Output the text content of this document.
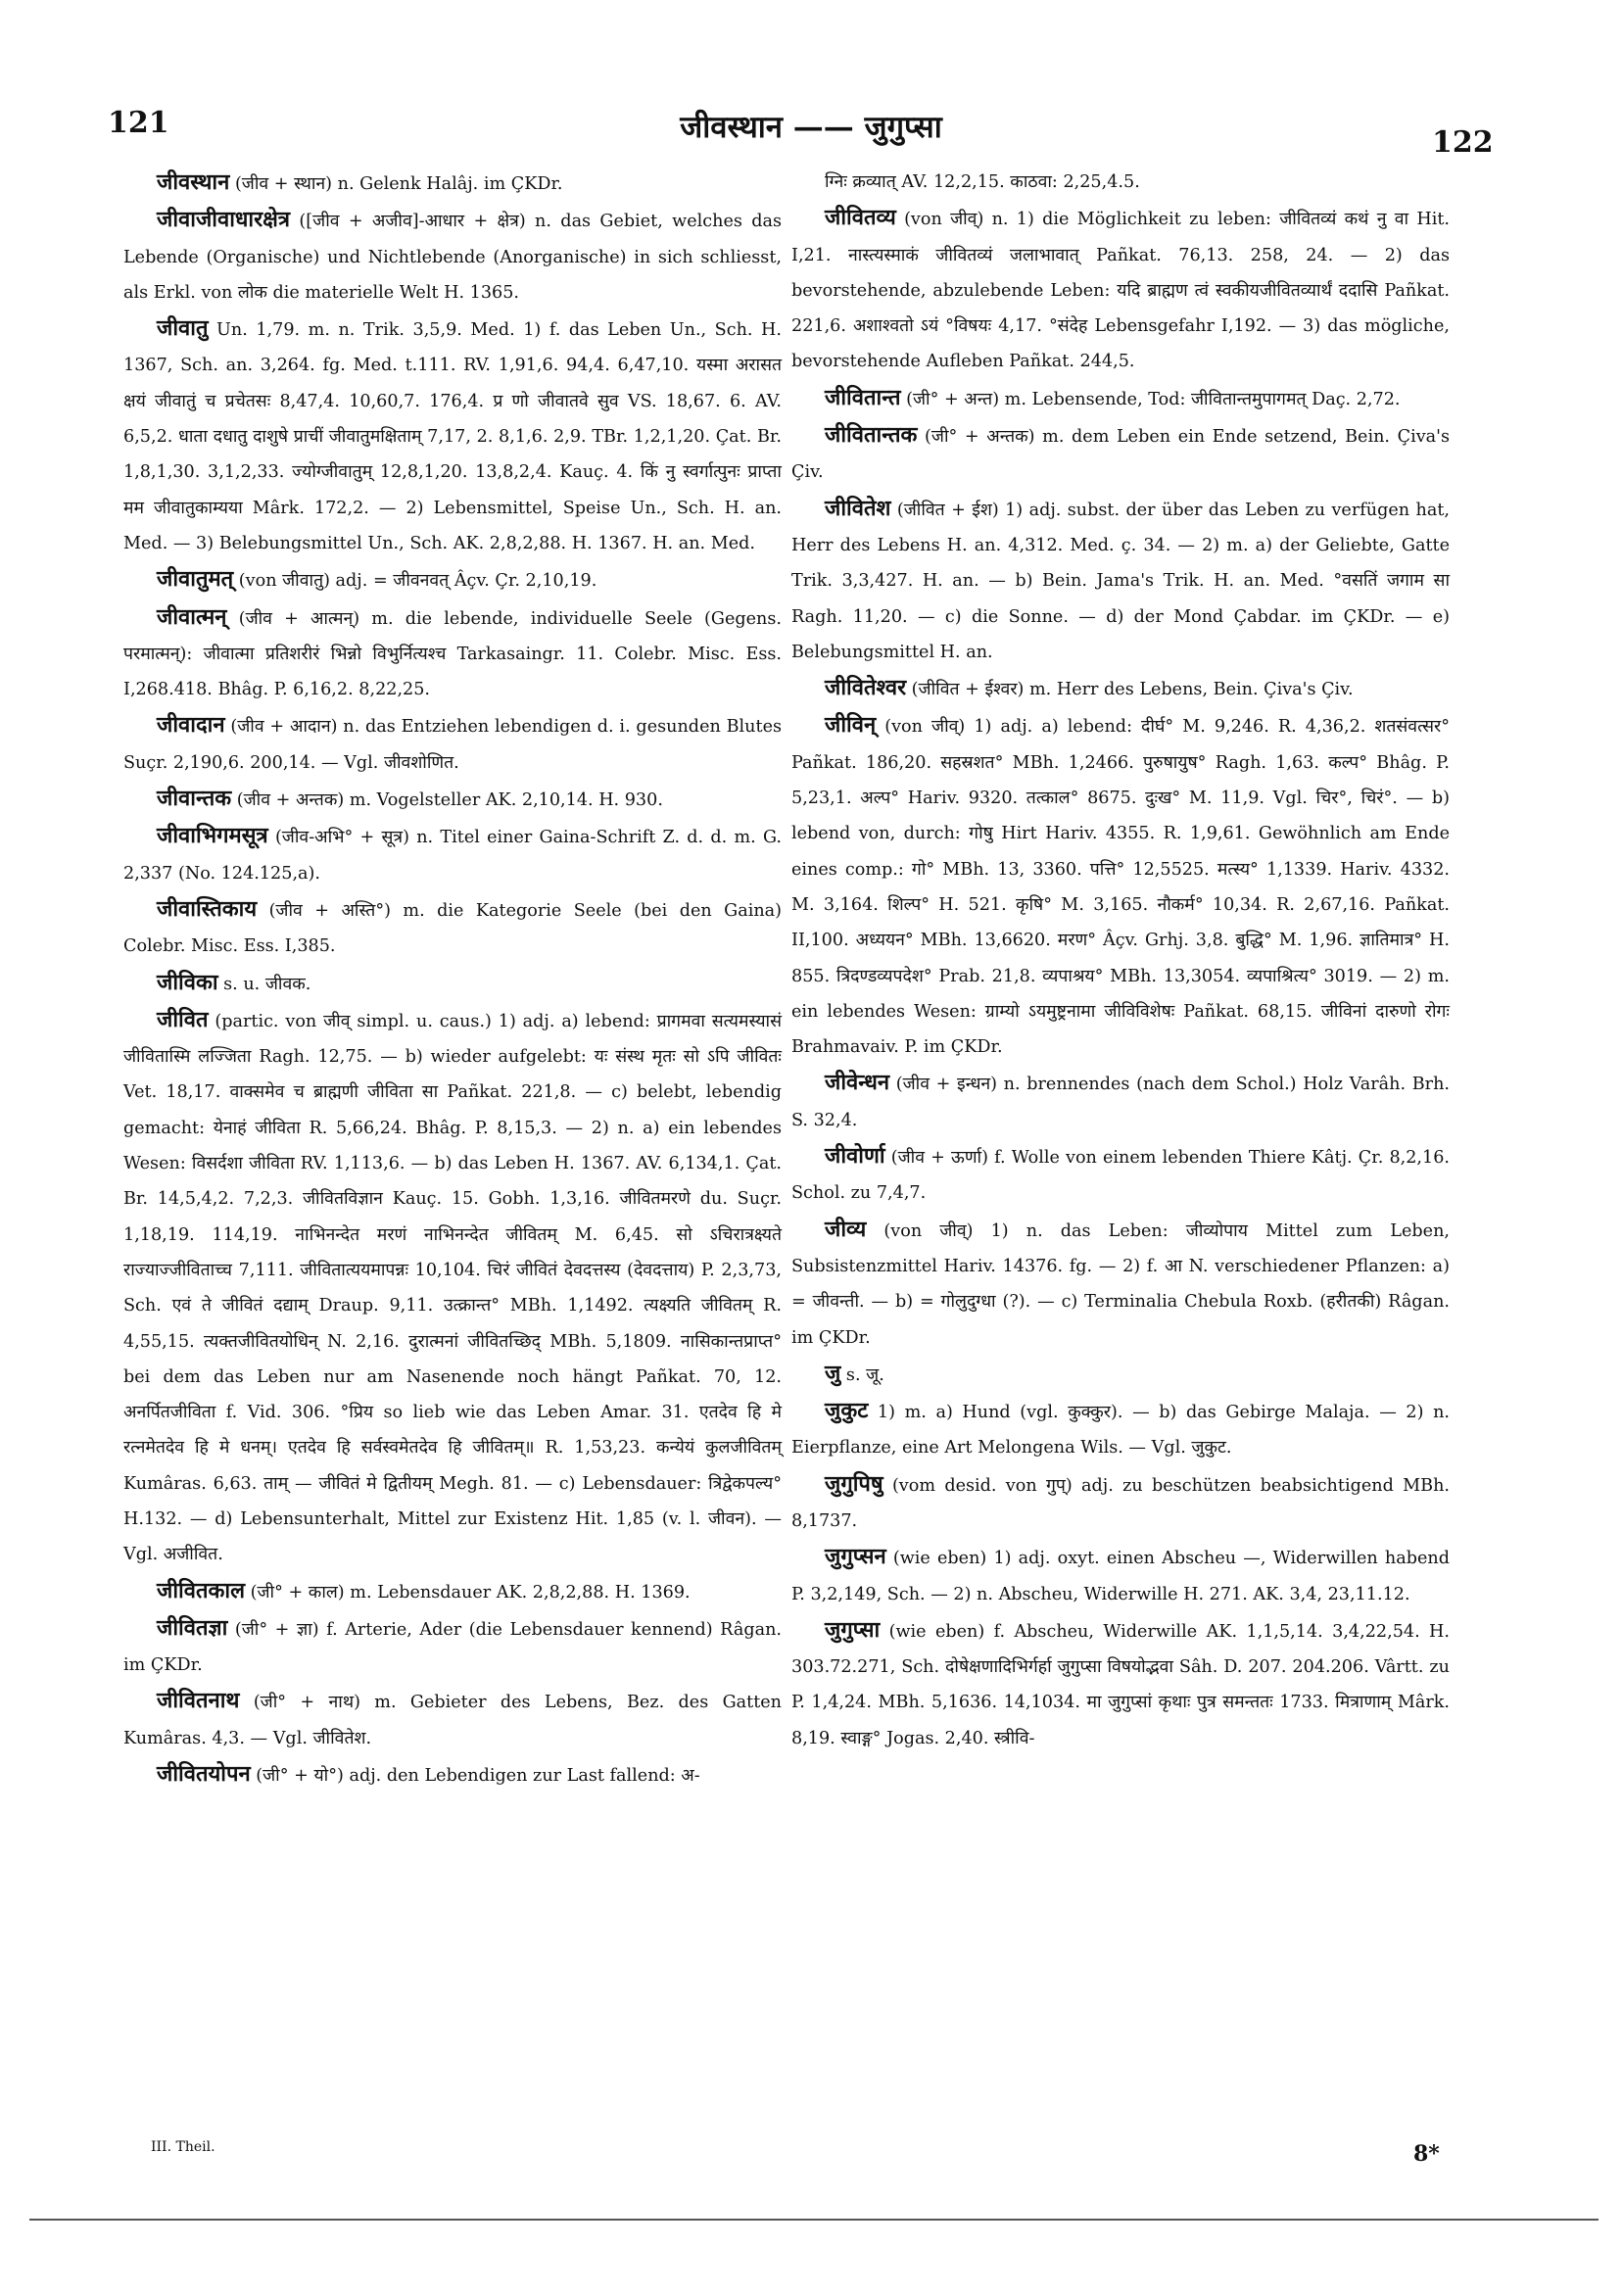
121	जीवस्थान —— जुगुप्सा	122

जीवस्थान (जीव + स्थान) n. Gelenk Halâj. im ÇKDr.

जीवाजीवाधारक्षेत्र ([जीव + अजीव]-आधार + क्षेत्र) n. das Gebiet, welches das Lebende (Organische) und Nichtlebende (Anorganische) in sich schliesst, als Erkl. von लोक die materielle Welt H. 1365.

जीवातु Un. 1,79. m. n. Trik. 3,5,9. Med. 1) f. das Leben Un., Sch. H. 1367, Sch. an. 3,264. fg. Med. t.111. RV. 1,91,6. 94,4. 6,47,10. यस्मा अरासत क्षयं जीवातुं च प्रचेतसः 8,47,4. 10,60,7. 176,4. प्र णो जीवातवे सुव VS. 18,67. 6. AV. 6,5,2. धाता दधातु दाशुषे प्राचीं जीवातुमक्षिताम् 7,17, 2. 8,1,6. 2,9. TBr. 1,2,1,20. Çat. Br. 1,8,1,30. 3,1,2,33. ज्योग्जीवातुम् 12,8,1,20. 13,8,2,4. Kauç. 4. किं नु स्वर्गात्पुनः प्राप्ता मम जीवातुकाम्यया Mârk. 172,2. — 2) Lebensmittel, Speise Un., Sch. H. an. Med. — 3) Belebungsmittel Un., Sch. AK. 2,8,2,88. H. 1367. H. an. Med.

जीवातुमत् (von जीवातु) adj. = जीवनवत् Âçv. Çr. 2,10,19.

जीवात्मन् (जीव + आत्मन्) m. die lebende, individuelle Seele (Gegens. परमात्मन्): जीवात्मा प्रतिशरीरं भिन्नो विभुर्नित्यश्च Tarkasaingr. 11. Colebr. Misc. Ess. I,268.418. Bhâg. P. 6,16,2. 8,22,25.

जीवादान (जीव + आदान) n. das Entziehen lebendigen d. i. gesunden Blutes Suçr. 2,190,6. 200,14. — Vgl. जीवशोणित.

जीवान्तक (जीव + अन्तक) m. Vogelsteller AK. 2,10,14. H. 930.

जीवाभिगमसूत्र (जीव-अभि° + सूत्र) n. Titel einer Gaina-Schrift Z. d. d. m. G. 2,337 (No. 124.125,a).

जीवास्तिकाय (जीव + अस्ति°) m. die Kategorie Seele (bei den Gaina) Colebr. Misc. Ess. I,385.

जीविका s. u. जीवक.

जीवित (partic. von जीव् simpl. u. caus.) 1) adj. a) lebend: प्रागमवा सत्यमस्यासं जीवितास्मि लज्जिता Ragh. 12,75. — b) wieder aufgelebt: यः संस्थ मृतः सो ऽपि जीवितः Vet. 18,17. वाक्समेव च ब्राह्मणी जीविता सा Pañkat. 221,8. — c) belebt, lebendig gemacht: येनाहं जीविता R. 5,66,24. Bhâg. P. 8,15,3. — 2) n. a) ein lebendes Wesen: विसर्दशा जीविता RV. 1,113,6. — b) das Leben H. 1367. AV. 6,134,1. Çat. Br. 14,5,4,2. 7,2,3. जीवितविज्ञान Kauç. 15. Gobh. 1,3,16. जीवितमरणे du. Suçr. 1,18,19. 114,19. नाभिनन्देत मरणं नाभिनन्देत जीवितम् M. 6,45. सो ऽचिरात्रक्ष्यते राज्याज्जीविताच्च 7,111. जीवितात्ययमापन्नः 10,104. चिरं जीवितं देवदत्तस्य (देवदत्ताय) P. 2,3,73, Sch. एवं ते जीवितं दद्याम् Draup. 9,11. उत्क्रान्त° MBh. 1,1492. त्यक्ष्यति जीवितम् R. 4,55,15. त्यक्तजीवितयोधिन् N. 2,16. दुरात्मनां जीवितच्छिद् MBh. 5,1809. नासिकान्तप्राप्त° bei dem das Leben nur am Nasenende noch hängt Pañkat. 70, 12. अनर्पितजीविता f. Vid. 306. °प्रिय so lieb wie das Leben Amar. 31. एतदेव हि मे रत्नमेतदेव हि मे धनम्। एतदेव हि सर्वस्वमेतदेव हि जीवितम्॥ R. 1,53,23. कन्येयं कुलजीवितम् Kumâras. 6,63. ताम् — जीवितं मे द्वितीयम् Megh. 81. — c) Lebensdauer: त्रिद्वेकपल्य° H.132. — d) Lebensunterhalt, Mittel zur Existenz Hit. 1,85 (v. l. जीवन). — Vgl. अजीवित.

जीवितकाल (जी° + काल) m. Lebensdauer AK. 2,8,2,88. H. 1369.

जीवितज्ञा (जी° + ज्ञा) f. Arterie, Ader (die Lebensdauer kennend) Râgan. im ÇKDr.

जीवितनाथ (जी° + नाथ) m. Gebieter des Lebens, Bez. des Gatten Kumâras. 4,3. — Vgl. जीवितेश.

जीवितयोपन (जी° + यो°) adj. den Lebendigen zur Last fallend: अ-

ग्निः क्रव्यात् AV. 12,2,15. काठवा: 2,25,4.5.

जीवितव्य (von जीव्) n. 1) die Möglichkeit zu leben: जीवितव्यं कथं नु वा Hit. I,21. नास्त्यस्माकं जीवितव्यं जलाभावात् Pañkat. 76,13. 258, 24. — 2) das bevorstehende, abzulebende Leben: यदि ब्राह्मण त्वं स्वकीयजीवितव्यार्थं ददासि Pañkat. 221,6. अशाश्वतो ऽयं °विषयः 4,17. °संदेह Lebensgefahr I,192. — 3) das mögliche, bevorstehende Aufleben Pañkat. 244,5.

जीवितान्त (जी° + अन्त) m. Lebensende, Tod: जीवितान्तमुपागमत् Daç. 2,72.

जीवितान्तक (जी° + अन्तक) m. dem Leben ein Ende setzend, Bein. Çiva's Çiv.

जीवितेश (जीवित + ईश) 1) adj. subst. der über das Leben zu verfügen hat, Herr des Lebens H. an. 4,312. Med. ç. 34. — 2) m. a) der Geliebte, Gatte Trik. 3,3,427. H. an. — b) Bein. Jama's Trik. H. an. Med. °वसतिं जगाम सा Ragh. 11,20. — c) die Sonne. — d) der Mond Çabdar. im ÇKDr. — e) Belebungsmittel H. an.

जीवितेश्वर (जीवित + ईश्वर) m. Herr des Lebens, Bein. Çiva's Çiv.

जीविन् (von जीव्) 1) adj. a) lebend: दीर्घ° M. 9,246. R. 4,36,2. शतसंवत्सर° Pañkat. 186,20. सहस्रशत° MBh. 1,2466. पुरुषायुष° Ragh. 1,63. कल्प° Bhâg. P. 5,23,1. अल्प° Hariv. 9320. तत्काल° 8675. दुःख° M. 11,9. Vgl. चिर°, चिरं°. — b) lebend von, durch: गोषु Hirt Hariv. 4355. R. 1,9,61. Gewöhnlich am Ende eines comp.: गो° MBh. 13, 3360. पत्ति° 12,5525. मत्स्य° 1,1339. Hariv. 4332. M. 3,164. शिल्प° H. 521. कृषि° M. 3,165. नौकर्म° 10,34. R. 2,67,16. Pañkat. II,100. अध्ययन° MBh. 13,6620. मरण° Âçv. Grhj. 3,8. बुद्धि° M. 1,96. ज्ञातिमात्र° H. 855. त्रिदण्डव्यपदेश° Prab. 21,8. व्यपाश्रय° MBh. 13,3054. व्यपाश्रित्य° 3019. — 2) m. ein lebendes Wesen: ग्राम्यो ऽयमुष्ट्रनामा जीविविशेषः Pañkat. 68,15. जीविनां दारुणो रोगः Brahmavaiv. P. im ÇKDr.

जीवेन्धन (जीव + इन्धन) n. brennendes (nach dem Schol.) Holz Varâh. Brh. S. 32,4.

जीवोर्णा (जीव + ऊर्णा) f. Wolle von einem lebenden Thiere Kâtj. Çr. 8,2,16. Schol. zu 7,4,7.

जीव्य (von जीव्) 1) n. das Leben: जीव्योपाय Mittel zum Leben, Subsistenzmittel Hariv. 14376. fg. — 2) f. आ N. verschiedener Pflanzen: a) = जीवन्ती. — b) = गोलुदुग्धा (?). — c) Terminalia Chebula Roxb. (हरीतकी) Râgan. im ÇKDr.

जु s. जू.

जुकुट 1) m. a) Hund (vgl. कुक्कुर). — b) das Gebirge Malaja. — 2) n. Eierpflanze, eine Art Melongena Wils. — Vgl. जुकुट.

जुगुपिषु (vom desid. von गुप्) adj. zu beschützen beabsichtigend MBh. 8,1737.

जुगुप्सन (wie eben) 1) adj. oxyt. einen Abscheu —, Widerwillen habend P. 3,2,149, Sch. — 2) n. Abscheu, Widerwille H. 271. AK. 3,4, 23,11.12.

जुगुप्सा (wie eben) f. Abscheu, Widerwille AK. 1,1,5,14. 3,4,22,54. H. 303.72.271, Sch. दोषेक्षणादिभिर्गर्हा जुगुप्सा विषयोद्भवा Sâh. D. 207. 204.206. Vârtt. zu P. 1,4,24. MBh. 5,1636. 14,1034. मा जुगुप्सां कृथाः पुत्र समन्ततः 1733. मित्राणाम् Mârk. 8,19. स्वाङ्ग° Jogas. 2,40. स्त्रीवि-

III. Theil.	8*
